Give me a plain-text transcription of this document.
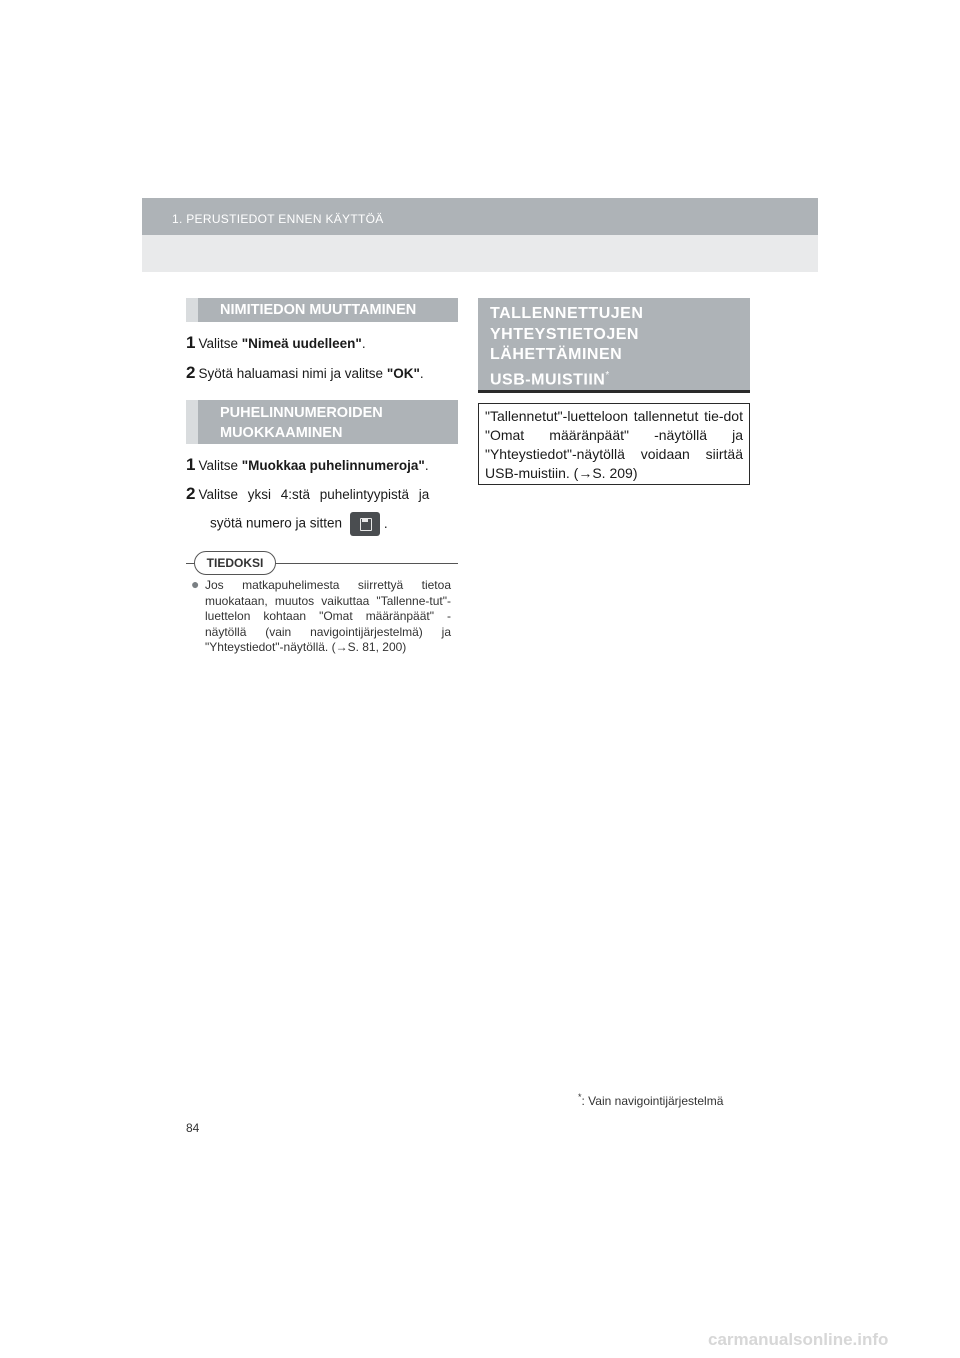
1. PERUSTIEDOT ENNEN KÄYTTÖÄ
NIMITIEDON MUUTTAMINEN
1 Valitse "Nimeä uudelleen".
2 Syötä haluamasi nimi ja valitse "OK".
PUHELINNUMEROIDEN
MUOKKAAMINEN
1 Valitse "Muokkaa puhelinnumeroja".
2 Valitse yksi 4:stä puhelintyypistä ja
syötä numero ja sitten	.
TIEDOKSI
● Jos matkapuhelimesta siirrettyä tietoa muokataan, muutos vaikuttaa "Tallenne-tut"-luettelon kohtaan "Omat määränpäät" -näytöllä (vain navigointijärjestelmä) ja "Yhteystiedot"-näytöllä. (→S. 81, 200)
TALLENNETTUJEN
YHTEYSTIETOJEN
LÄHETTÄMINEN
USB-MUISTIIN*
"Tallennetut"-luetteloon tallennetut tie-dot "Omat määränpäät" -näytöllä ja "Yhteystiedot"-näytöllä voidaan siirtää USB-muistiin. (→S. 209)
*: Vain navigointijärjestelmä
84
carmanualsonline.info
